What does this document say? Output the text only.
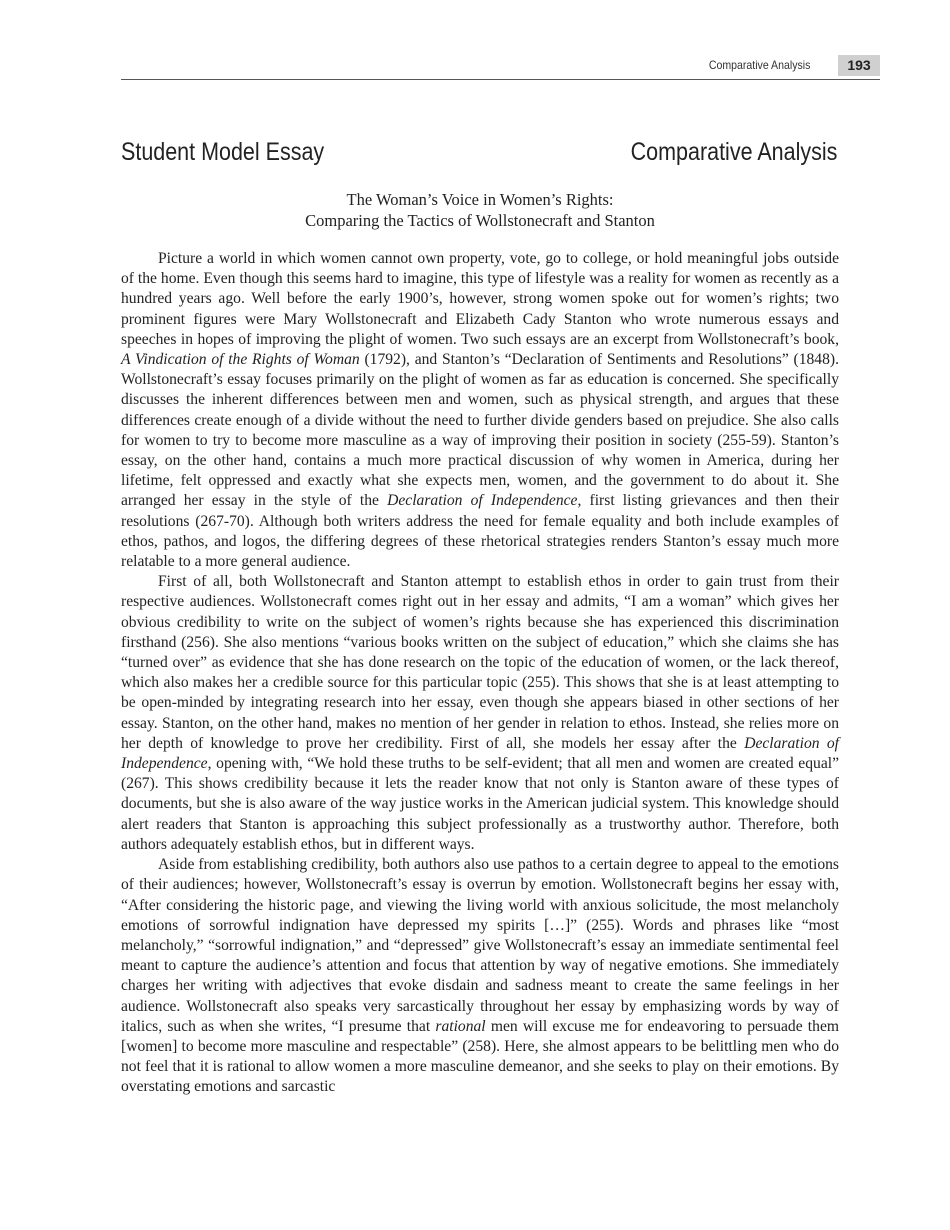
Comparative Analysis	193
Student Model Essay	Comparative Analysis
The Woman’s Voice in Women’s Rights:
Comparing the Tactics of Wollstonecraft and Stanton

Picture a world in which women cannot own property, vote, go to college, or hold meaningful jobs outside of the home. Even though this seems hard to imagine, this type of lifestyle was a reality for women as recently as a hundred years ago. Well before the early 1900’s, however, strong women spoke out for women’s rights; two prominent figures were Mary Wollstonecraft and Elizabeth Cady Stanton who wrote numerous essays and speeches in hopes of improving the plight of women. Two such essays are an excerpt from Wollstonecraft’s book, A Vindication of the Rights of Woman (1792), and Stanton’s “Declaration of Sentiments and Resolutions” (1848). Wollstonecraft’s essay focuses primarily on the plight of women as far as education is concerned. She specifically discusses the inherent differences between men and women, such as physical strength, and argues that these differences create enough of a divide without the need to further divide genders based on prejudice. She also calls for women to try to become more masculine as a way of improving their position in society (255-59). Stanton’s essay, on the other hand, contains a much more practical discussion of why women in America, during her lifetime, felt oppressed and exactly what she expects men, women, and the government to do about it. She arranged her essay in the style of the Declaration of Independence, first listing grievances and then their resolutions (267-70). Although both writers address the need for female equality and both include examples of ethos, pathos, and logos, the differing degrees of these rhetorical strategies renders Stanton’s essay much more relatable to a more general audience.

First of all, both Wollstonecraft and Stanton attempt to establish ethos in order to gain trust from their respective audiences. Wollstonecraft comes right out in her essay and admits, “I am a woman” which gives her obvious credibility to write on the subject of women’s rights because she has experienced this discrimination firsthand (256). She also mentions “various books written on the subject of education,” which she claims she has “turned over” as evidence that she has done research on the topic of the education of women, or the lack thereof, which also makes her a credible source for this particular topic (255). This shows that she is at least attempting to be open-minded by integrating research into her essay, even though she appears biased in other sections of her essay. Stanton, on the other hand, makes no mention of her gender in relation to ethos. Instead, she relies more on her depth of knowledge to prove her credibility. First of all, she models her essay after the Declaration of Independence, opening with, “We hold these truths to be self-evident; that all men and women are created equal” (267). This shows credibility because it lets the reader know that not only is Stanton aware of these types of documents, but she is also aware of the way justice works in the American judicial system. This knowledge should alert readers that Stanton is approaching this subject professionally as a trustworthy author. Therefore, both authors adequately establish ethos, but in different ways.

Aside from establishing credibility, both authors also use pathos to a certain degree to appeal to the emotions of their audiences; however, Wollstonecraft’s essay is overrun by emotion. Wollstonecraft begins her essay with, “After considering the historic page, and viewing the living world with anxious solicitude, the most melancholy emotions of sorrowful indignation have depressed my spirits […]” (255). Words and phrases like “most melancholy,” “sorrowful indignation,” and “depressed” give Wollstonecraft’s essay an immediate sentimental feel meant to capture the audience’s attention and focus that attention by way of negative emotions. She immediately charges her writing with adjectives that evoke disdain and sadness meant to create the same feelings in her audience. Wollstonecraft also speaks very sarcastically throughout her essay by emphasizing words by way of italics, such as when she writes, “I presume that rational men will excuse me for endeavoring to persuade them [women] to become more masculine and respectable” (258). Here, she almost appears to be belittling men who do not feel that it is rational to allow women a more masculine demeanor, and she seeks to play on their emotions. By overstating emotions and sarcastic
